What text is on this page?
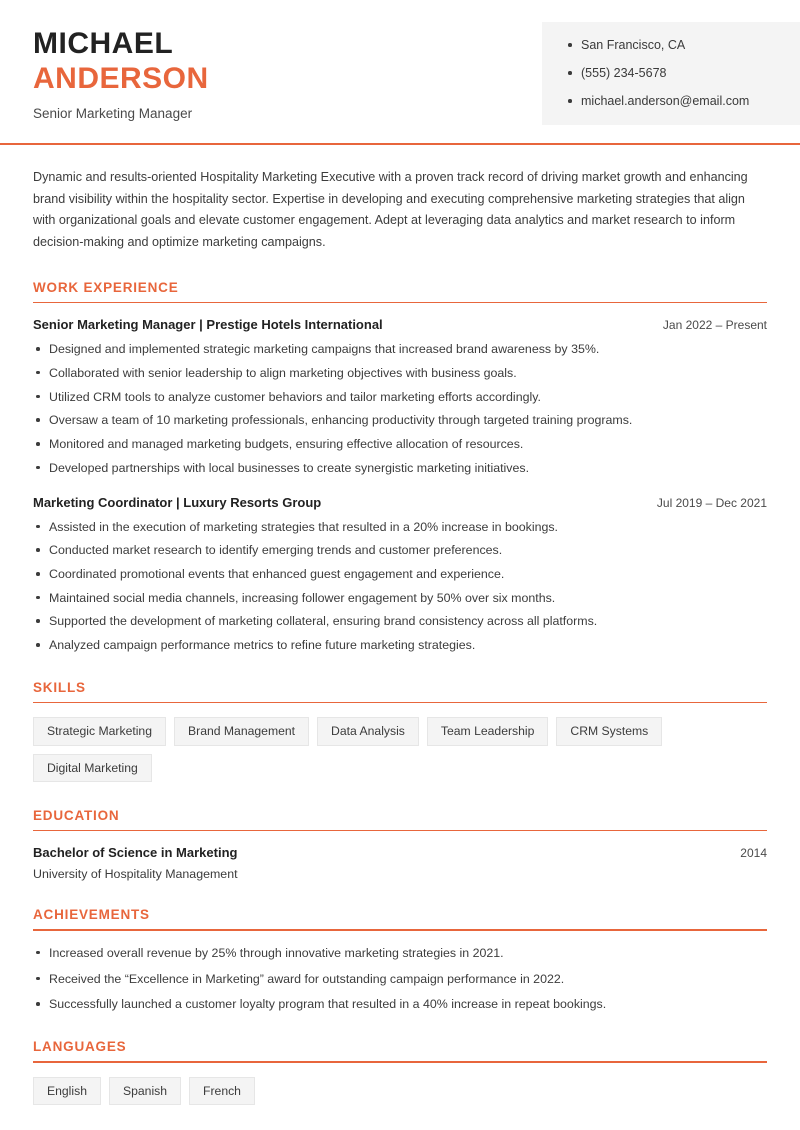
MICHAEL
ANDERSON
Senior Marketing Manager
San Francisco, CA
(555) 234-5678
michael.anderson@email.com

Dynamic and results-oriented Hospitality Marketing Executive with a proven track record of driving market growth and enhancing brand visibility within the hospitality sector. Expertise in developing and executing comprehensive marketing strategies that align with organizational goals and elevate customer engagement. Adept at leveraging data analytics and market research to inform decision-making and optimize marketing campaigns.

WORK EXPERIENCE
Senior Marketing Manager | Prestige Hotels International	Jan 2022 – Present
Designed and implemented strategic marketing campaigns that increased brand awareness by 35%.
Collaborated with senior leadership to align marketing objectives with business goals.
Utilized CRM tools to analyze customer behaviors and tailor marketing efforts accordingly.
Oversaw a team of 10 marketing professionals, enhancing productivity through targeted training programs.
Monitored and managed marketing budgets, ensuring effective allocation of resources.
Developed partnerships with local businesses to create synergistic marketing initiatives.
Marketing Coordinator | Luxury Resorts Group	Jul 2019 – Dec 2021
Assisted in the execution of marketing strategies that resulted in a 20% increase in bookings.
Conducted market research to identify emerging trends and customer preferences.
Coordinated promotional events that enhanced guest engagement and experience.
Maintained social media channels, increasing follower engagement by 50% over six months.
Supported the development of marketing collateral, ensuring brand consistency across all platforms.
Analyzed campaign performance metrics to refine future marketing strategies.
SKILLS
Strategic Marketing	Brand Management	Data Analysis	Team Leadership	CRM Systems
Digital Marketing
EDUCATION
Bachelor of Science in Marketing	2014
University of Hospitality Management
ACHIEVEMENTS
Increased overall revenue by 25% through innovative marketing strategies in 2021.
Received the “Excellence in Marketing” award for outstanding campaign performance in 2022.
Successfully launched a customer loyalty program that resulted in a 40% increase in repeat bookings.
LANGUAGES
English	Spanish	French
